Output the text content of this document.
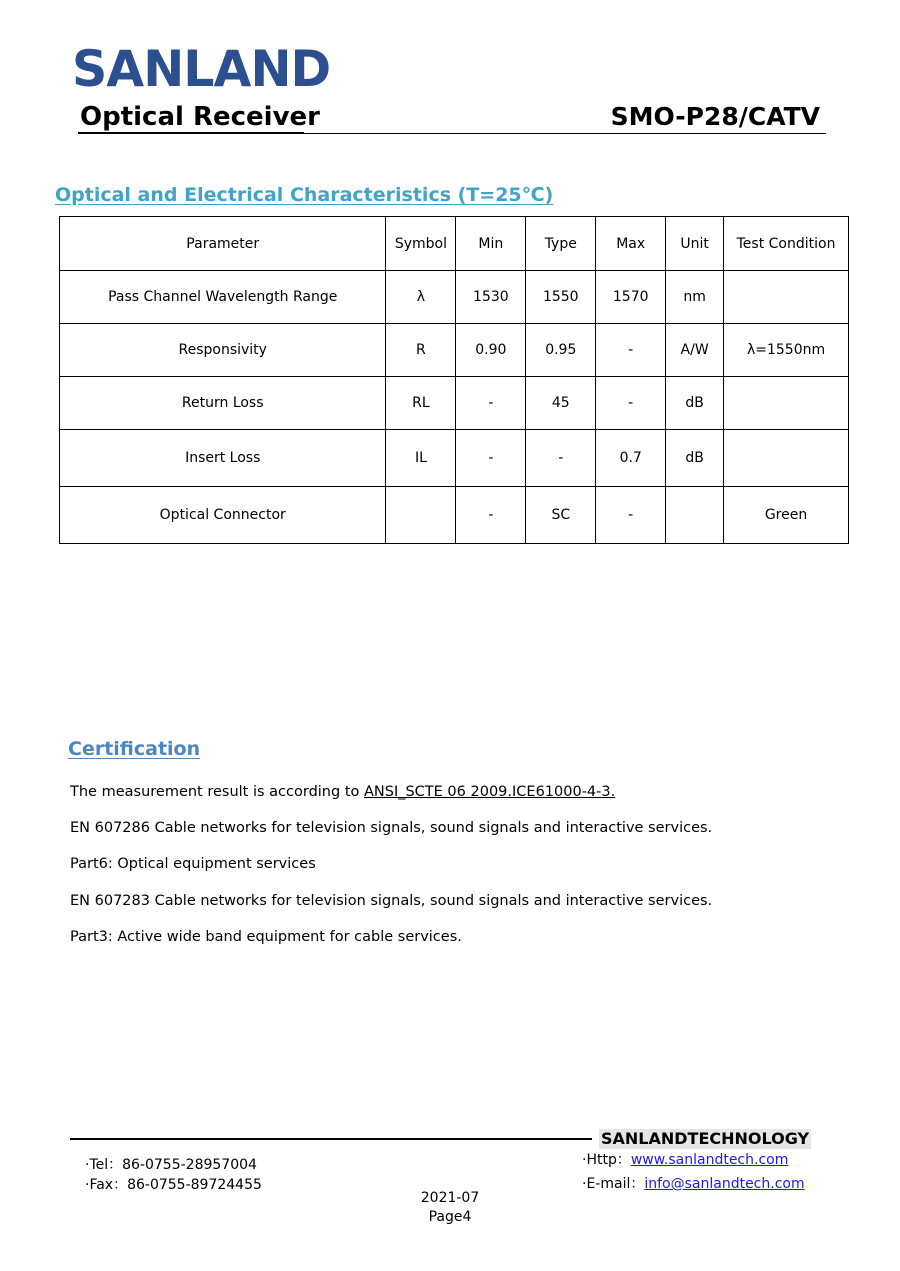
SANLAND
Optical Receiver	SMO-P28/CATV
Optical and Electrical Characteristics (T=25℃)
Parameter	Symbol	Min	Type	Max	Unit	Test Condition
Pass Channel Wavelength Range	λ	1530	1550	1570	nm	
Responsivity	R	0.90	0.95	-	A/W	λ=1550nm
Return Loss	RL	-	45	-	dB	
Insert Loss	IL	-	-	0.7	dB	
Optical Connector		-	SC	-		Green
Certification
The measurement result is according to ANSI_SCTE 06 2009.ICE61000-4-3.
EN 607286 Cable networks for television signals, sound signals and interactive services.
Part6: Optical equipment services
EN 607283 Cable networks for television signals, sound signals and interactive services.
Part3: Active wide band equipment for cable services.
SANLANDTECHNOLOGY
·Tel：86-0755-28957004
·Fax：86-0755-89724455
·Http：www.sanlandtech.com
·E-mail：info@sanlandtech.com
2021-07
Page4
